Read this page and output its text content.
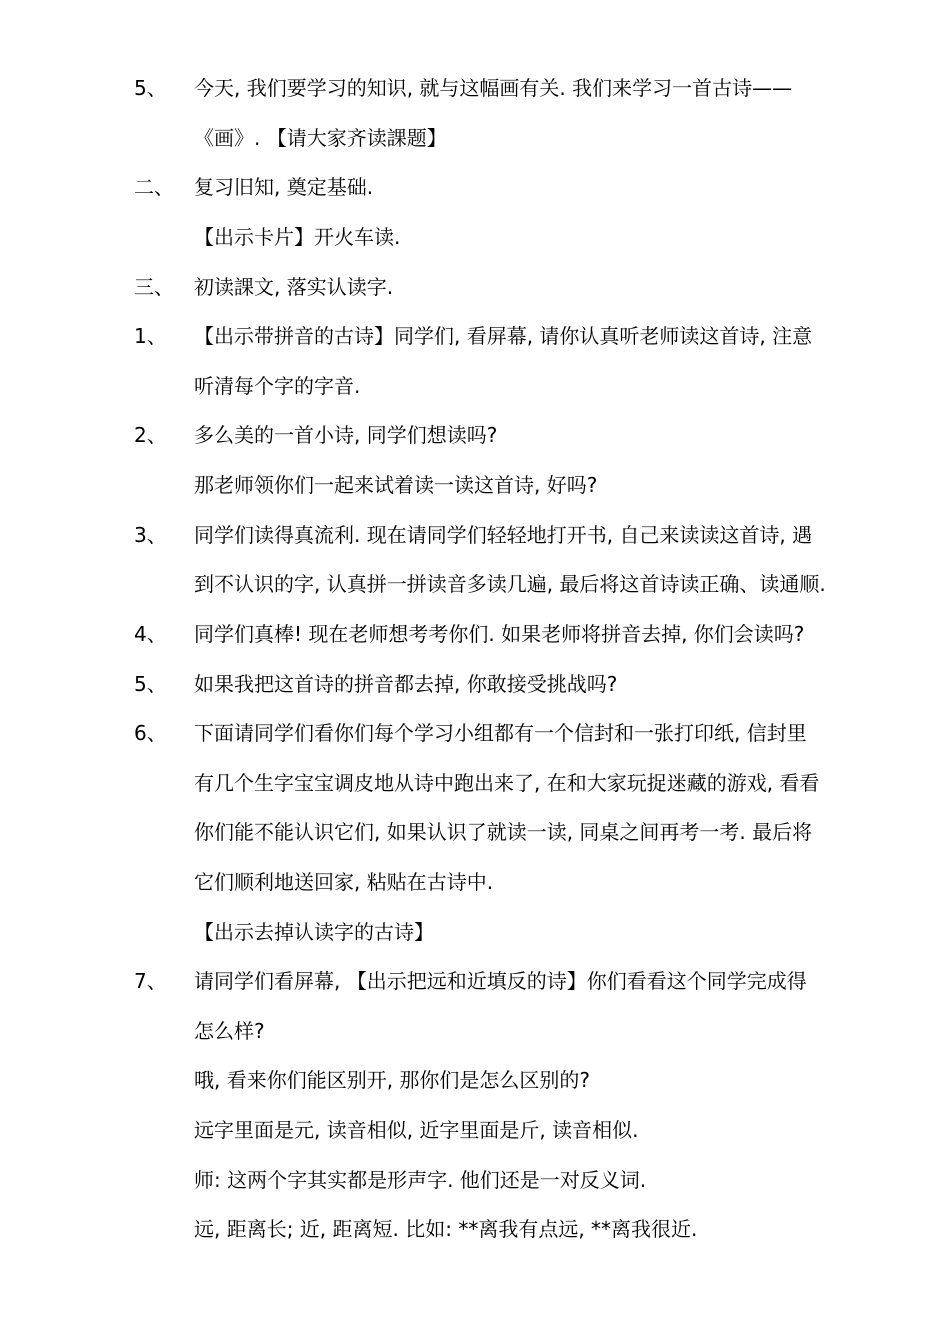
5、 今天, 我们要学习的知识, 就与这幅画有关. 我们来学习一首古诗——
《画》. 【请大家齐读課题】
二、 复习旧知, 奠定基础.
【出示卡片】开火车读.
三、 初读課文, 落实认读字.
1、 【出示带拼音的古诗】同学们, 看屏幕, 请你认真听老师读这首诗, 注意
听清每个字的字音.
2、 多么美的一首小诗, 同学们想读吗?
那老师领你们一起来试着读一读这首诗, 好吗?
3、 同学们读得真流利. 现在请同学们轻轻地打开书, 自己来读读这首诗, 遇
到不认识的字, 认真拼一拼读音多读几遍, 最后将这首诗读正确、读通顺.
4、 同学们真棒! 现在老师想考考你们. 如果老师将拼音去掉, 你们会读吗?
5、 如果我把这首诗的拼音都去掉, 你敢接受挑战吗?
6、 下面请同学们看你们每个学习小组都有一个信封和一张打印纸, 信封里
有几个生字宝宝调皮地从诗中跑出来了, 在和大家玩捉迷藏的游戏, 看看
你们能不能认识它们, 如果认识了就读一读, 同桌之间再考一考. 最后将
它们顺利地送回家, 粘贴在古诗中.
【出示去掉认读字的古诗】
7、 请同学们看屏幕, 【出示把远和近填反的诗】你们看看这个同学完成得
怎么样?
哦, 看来你们能区别开, 那你们是怎么区别的?
远字里面是元, 读音相似, 近字里面是斤, 读音相似.
师: 这两个字其实都是形声字. 他们还是一对反义词.
远, 距离长; 近, 距离短. 比如: **离我有点远, **离我很近.
